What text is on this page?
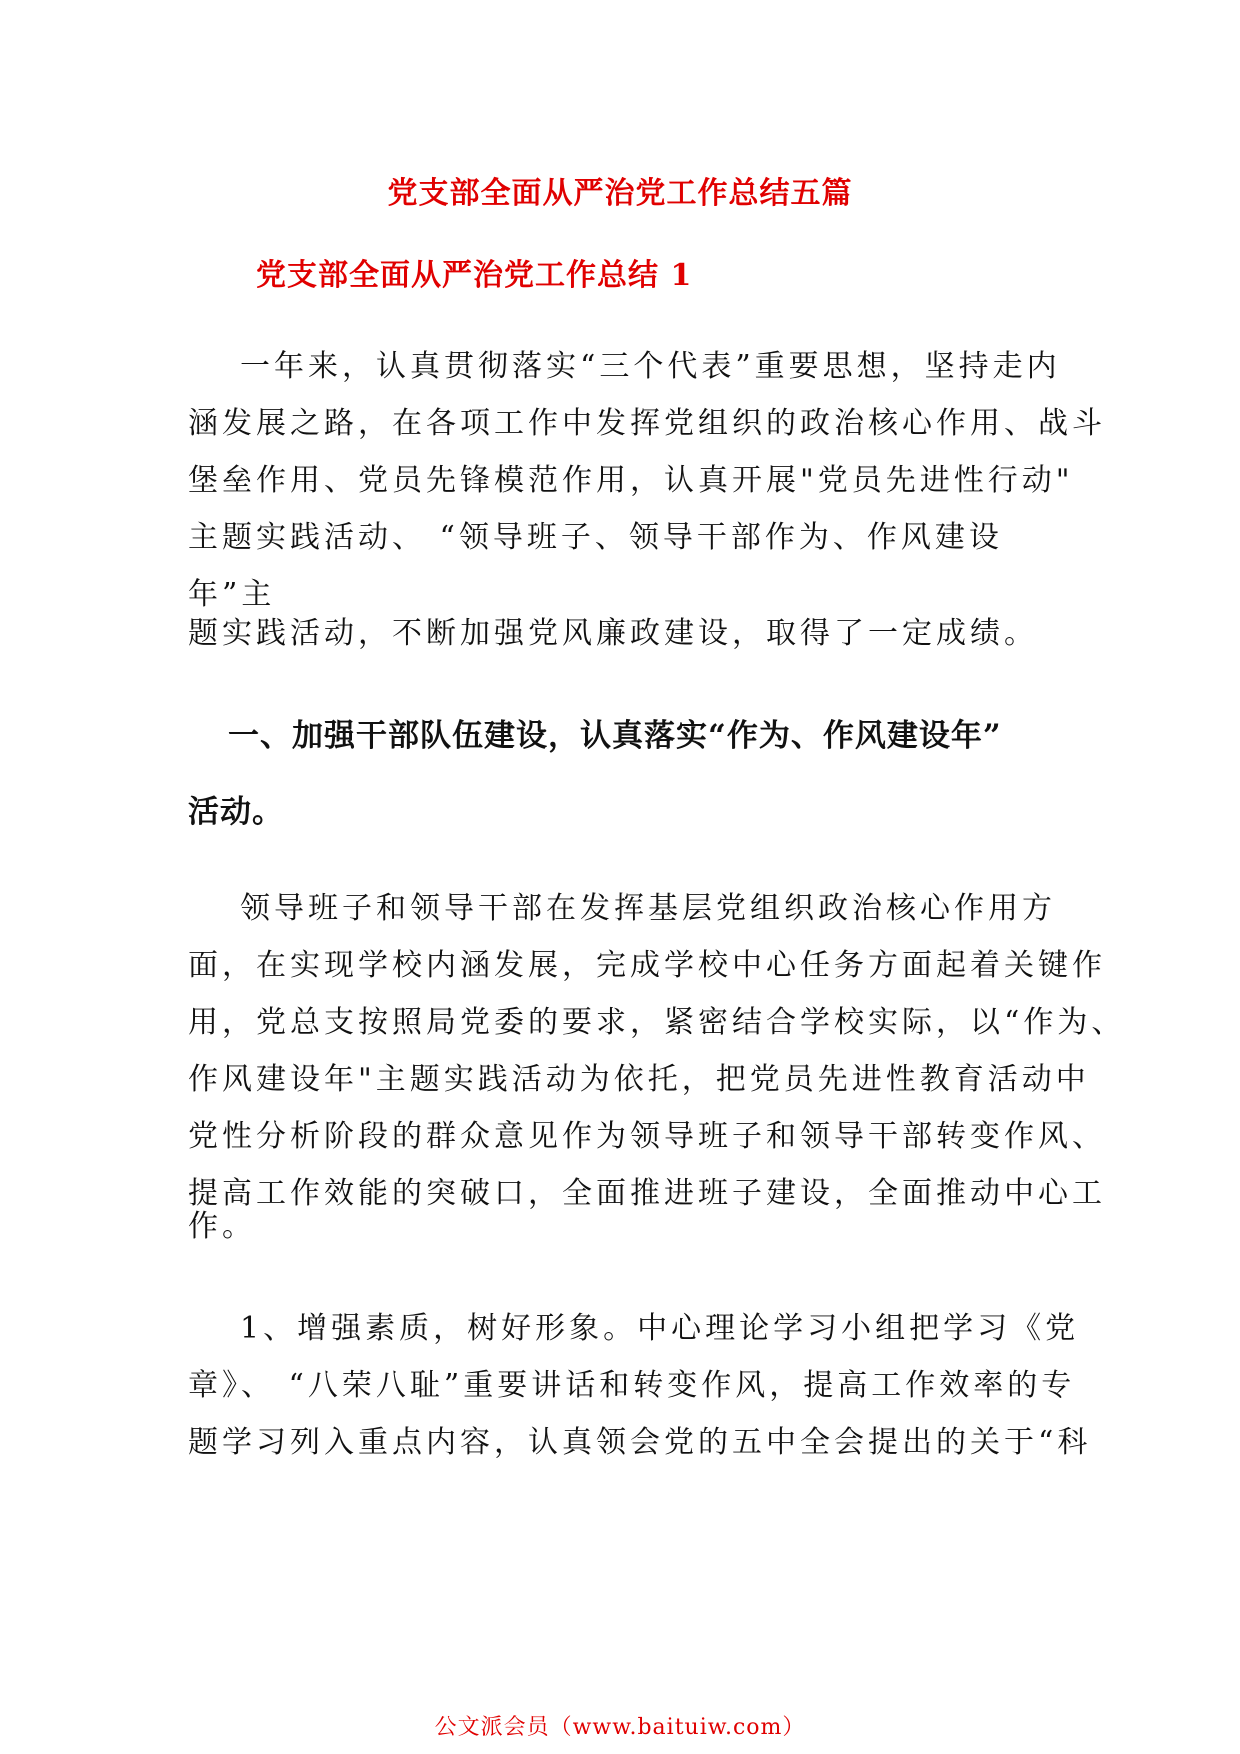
党支部全面从严治党工作总结五篇
党支部全面从严治党工作总结 1
一年来，认真贯彻落实“三个代表”重要思想，坚持走内
涵发展之路，在各项工作中发挥党组织的政治核心作用、战斗
堡垒作用、党员先锋模范作用，认真开展"党员先进性行动"
主题实践活动、 “领导班子、领导干部作为、作风建设
年”主
题实践活动，不断加强党风廉政建设，取得了一定成绩。
一、加强干部队伍建设，认真落实“作为、作风建设年”
活动。
领导班子和领导干部在发挥基层党组织政治核心作用方
面，在实现学校内涵发展，完成学校中心任务方面起着关键作
用，党总支按照局党委的要求，紧密结合学校实际，以“作为、
作风建设年"主题实践活动为依托，把党员先进性教育活动中
党性分析阶段的群众意见作为领导班子和领导干部转变作风、
提高工作效能的突破口，全面推进班子建设，全面推动中心工
作。
1、增强素质，树好形象。中心理论学习小组把学习《党
章》、 “八荣八耻”重要讲话和转变作风，提高工作效率的专
题学习列入重点内容，认真领会党的五中全会提出的关于“科
公文派会员（www.baituiw.com）
